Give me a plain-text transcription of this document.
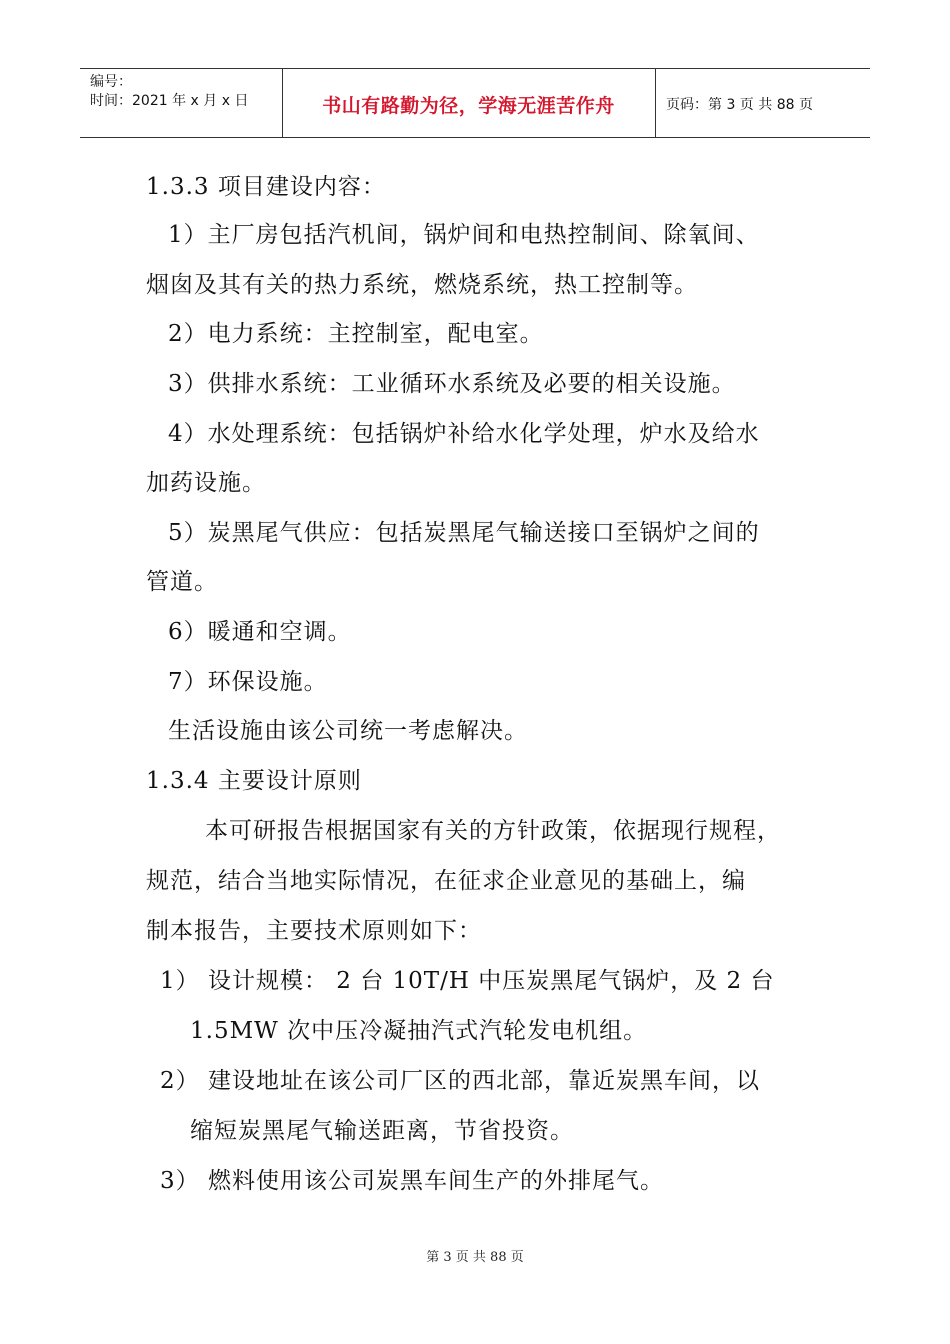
编号：
时间：2021 年 x 月 x 日	书山有路勤为径，学海无涯苦作舟	页码：第 3 页 共 88 页
1.3.3 项目建设内容：
1）主厂房包括汽机间，锅炉间和电热控制间、除氧间、
烟囱及其有关的热力系统，燃烧系统，热工控制等。
2）电力系统：主控制室，配电室。
3）供排水系统：工业循环水系统及必要的相关设施。
4）水处理系统：包括锅炉补给水化学处理，炉水及给水
加药设施。
5）炭黑尾气供应：包括炭黑尾气输送接口至锅炉之间的
管道。
6）暖通和空调。
7）环保设施。
生活设施由该公司统一考虑解决。
1.3.4 主要设计原则
本可研报告根据国家有关的方针政策，依据现行规程，
规范，结合当地实际情况，在征求企业意见的基础上，编
制本报告，主要技术原则如下：
1） 设计规模： 2 台 10T/H 中压炭黑尾气锅炉，及 2 台
1.5MW 次中压冷凝抽汽式汽轮发电机组。
2） 建设地址在该公司厂区的西北部，靠近炭黑车间，以
缩短炭黑尾气输送距离，节省投资。
3） 燃料使用该公司炭黑车间生产的外排尾气。
第 3 页 共 88 页
